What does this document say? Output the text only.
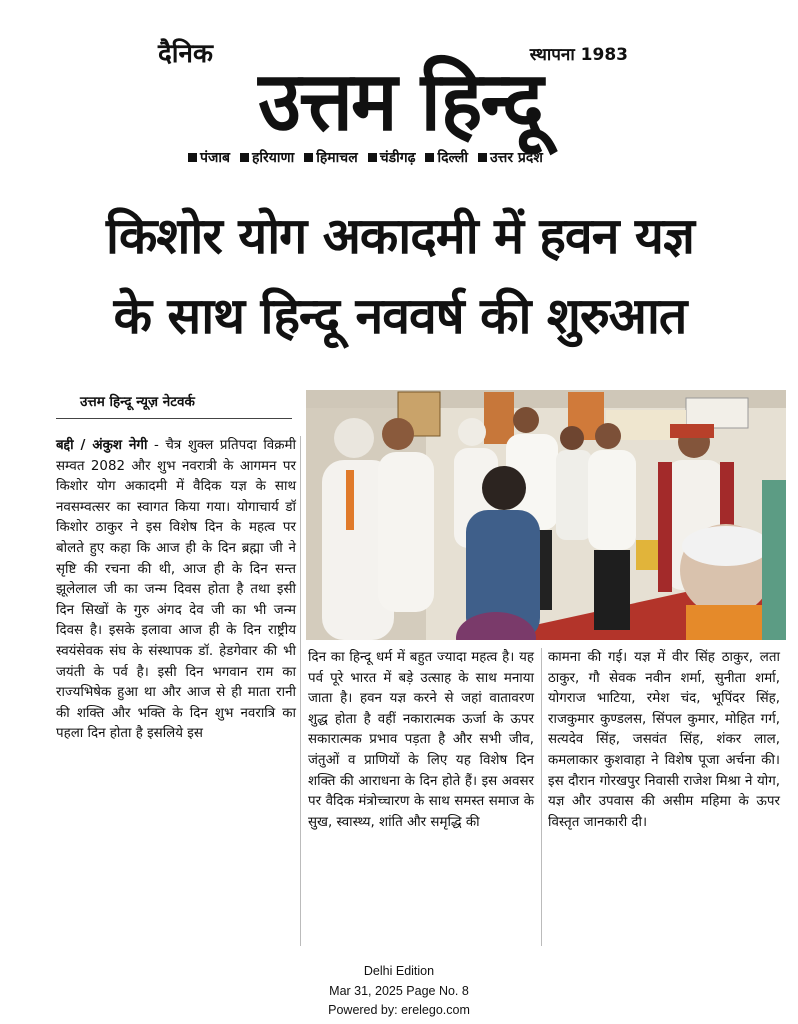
दैनिक	स्थापना 1983
उत्तम हिन्दू
पंजाब हरियाणा हिमाचल चंडीगढ़ दिल्ली उत्तर प्रदेश
किशोर योग अकादमी में हवन यज्ञ
के साथ हिन्दू नववर्ष की शुरुआत
उत्तम हिन्दू न्यूज़ नेटवर्क
बद्दी / अंकुश नेगी - चैत्र शुक्ल प्रतिपदा विक्रमी सम्वत 2082 और शुभ नवरात्री के आगमन पर किशोर योग अकादमी में वैदिक यज्ञ के साथ नवसम्वत्सर का स्वागत किया गया। योगाचार्य डॉ किशोर ठाकुर ने इस विशेष दिन के महत्व पर बोलते हुए कहा कि आज ही के दिन ब्रह्मा जी ने सृष्टि की रचना की थी, आज ही के दिन सन्त झूलेलाल जी का जन्म दिवस होता है तथा इसी दिन सिखों के गुरु अंगद देव जी का भी जन्म दिवस है। इसके इलावा आज ही के दिन राष्ट्रीय स्वयंसेवक संघ के संस्थापक डॉ. हेडगेवार की भी जयंती के पर्व है। इसी दिन भगवान राम का राज्यभिषेक हुआ था और आज से ही माता रानी की शक्ति और भक्ति के दिन शुभ नवरात्रि का पहला दिन होता है इसलिये इस
दिन का हिन्दू धर्म में बहुत ज्यादा महत्व है। यह पर्व पूरे भारत में बड़े उत्साह के साथ मनाया जाता है। हवन यज्ञ करने से जहां वातावरण शुद्ध होता है वहीं नकारात्मक ऊर्जा के ऊपर सकारात्मक प्रभाव पड़ता है और सभी जीव, जंतुओं व प्राणियों के लिए यह विशेष दिन शक्ति की आराधना के दिन होते हैं। इस अवसर पर वैदिक मंत्रोच्चारण के साथ समस्त समाज के सुख, स्वास्थ्य, शांति और समृद्धि की
कामना की गई। यज्ञ में वीर सिंह ठाकुर, लता ठाकुर, गौ सेवक नवीन शर्मा, सुनीता शर्मा, योगराज भाटिया, रमेश चंद, भूपिंदर सिंह, राजकुमार कुण्डलस, सिंपल कुमार, मोहित गर्ग, सत्यदेव सिंह, जसवंत सिंह, शंकर लाल, कमलाकार कुशवाहा ने विशेष पूजा अर्चना की। इस दौरान गोरखपुर निवासी राजेश मिश्रा ने योग, यज्ञ और उपवास की असीम महिमा के ऊपर विस्तृत जानकारी दी।
Delhi Edition
Mar 31, 2025 Page No. 8
Powered by: erelego.com
